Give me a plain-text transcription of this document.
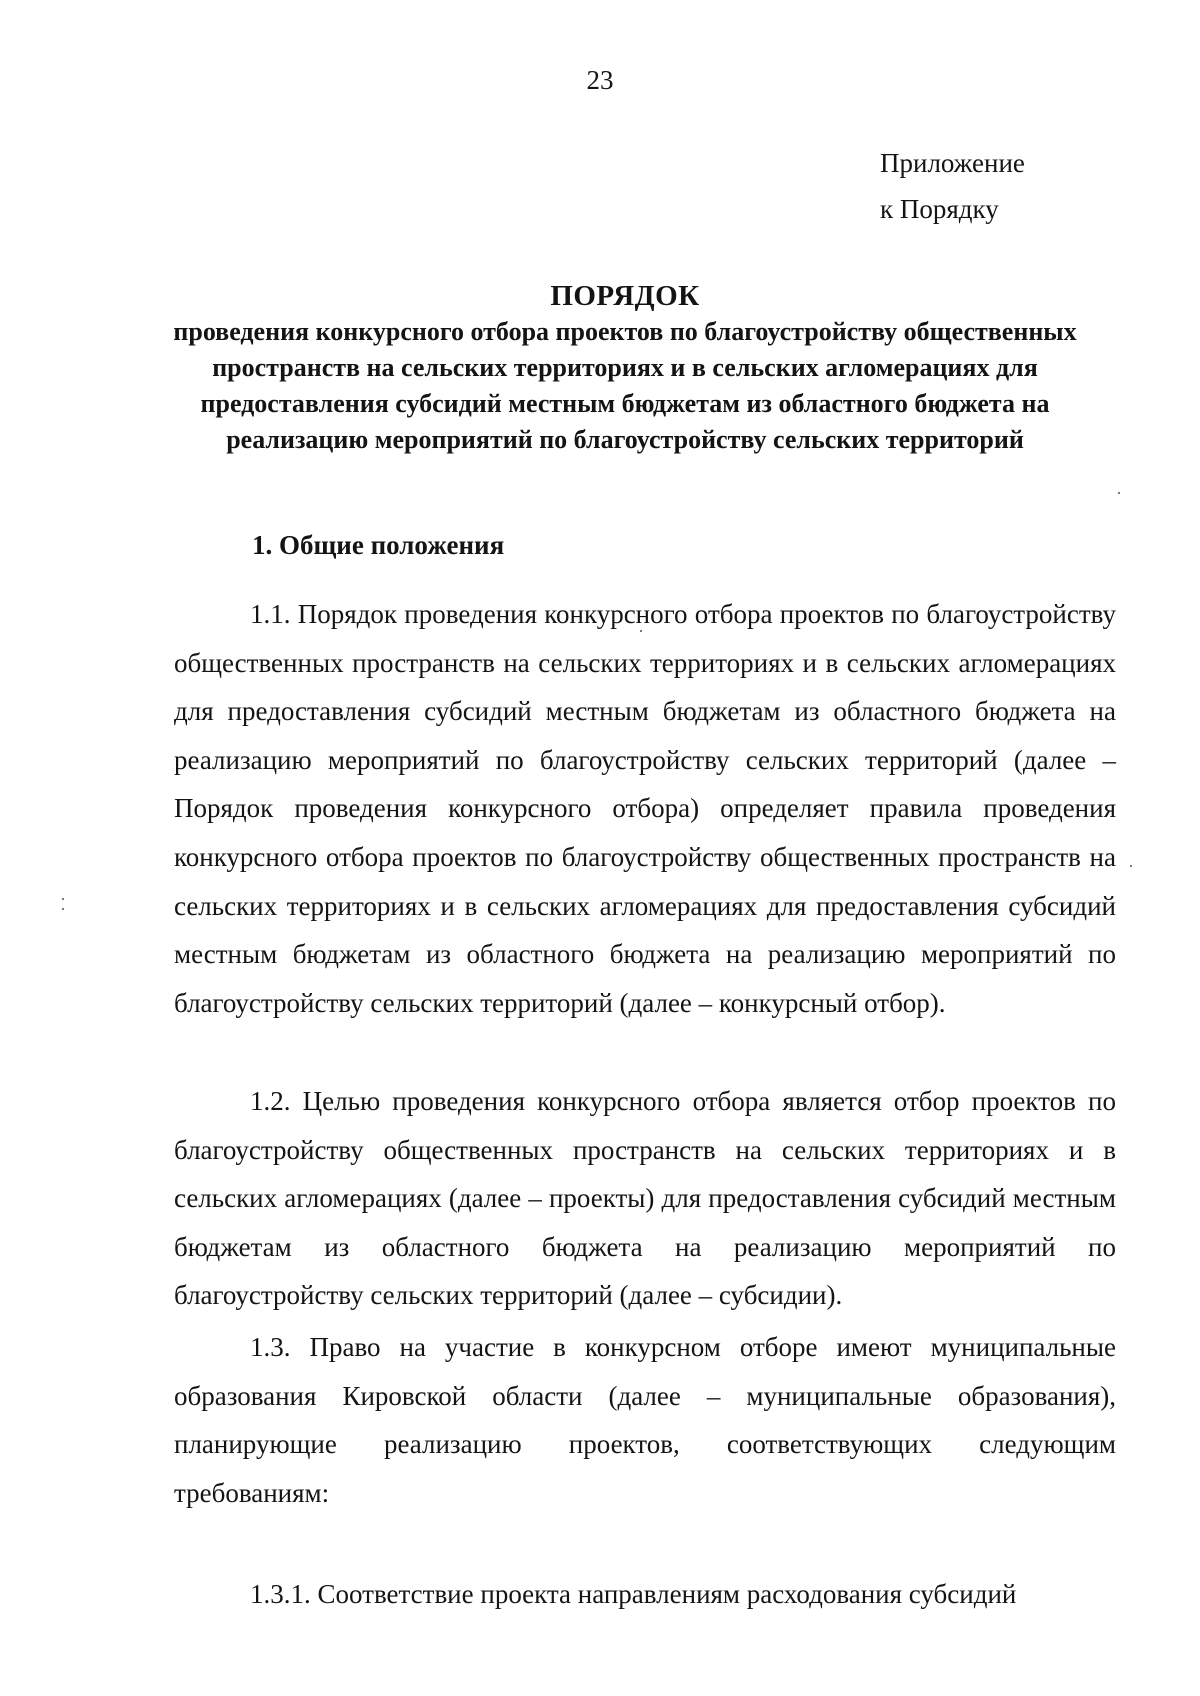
23
Приложение
к Порядку
ПОРЯДОК
проведения конкурсного отбора проектов по благоустройству общественных пространств на сельских территориях и в сельских агломерациях для предоставления субсидий местным бюджетам из областного бюджета на реализацию мероприятий по благоустройству сельских территорий
1. Общие положения

1.1. Порядок проведения конкурсного отбора проектов по благоустройству общественных пространств на сельских территориях и в сельских агломерациях для предоставления субсидий местным бюджетам из областного бюджета на реализацию мероприятий по благоустройству сельских территорий (далее – Порядок проведения конкурсного отбора) определяет правила проведения конкурсного отбора проектов по благоустройству общественных пространств на сельских территориях и в сельских агломерациях для предоставления субсидий местным бюджетам из областного бюджета на реализацию мероприятий по благоустройству сельских территорий (далее – конкурсный отбор).

1.2. Целью проведения конкурсного отбора является отбор проектов по благоустройству общественных пространств на сельских территориях и в сельских агломерациях (далее – проекты) для предоставления субсидий местным бюджетам из областного бюджета на реализацию мероприятий по благоустройству сельских территорий (далее – субсидии).

1.3. Право на участие в конкурсном отборе имеют муниципальные образования Кировской области (далее – муниципальные образования), планирующие реализацию проектов, соответствующих следующим требованиям:

1.3.1. Соответствие проекта направлениям расходования субсидий
